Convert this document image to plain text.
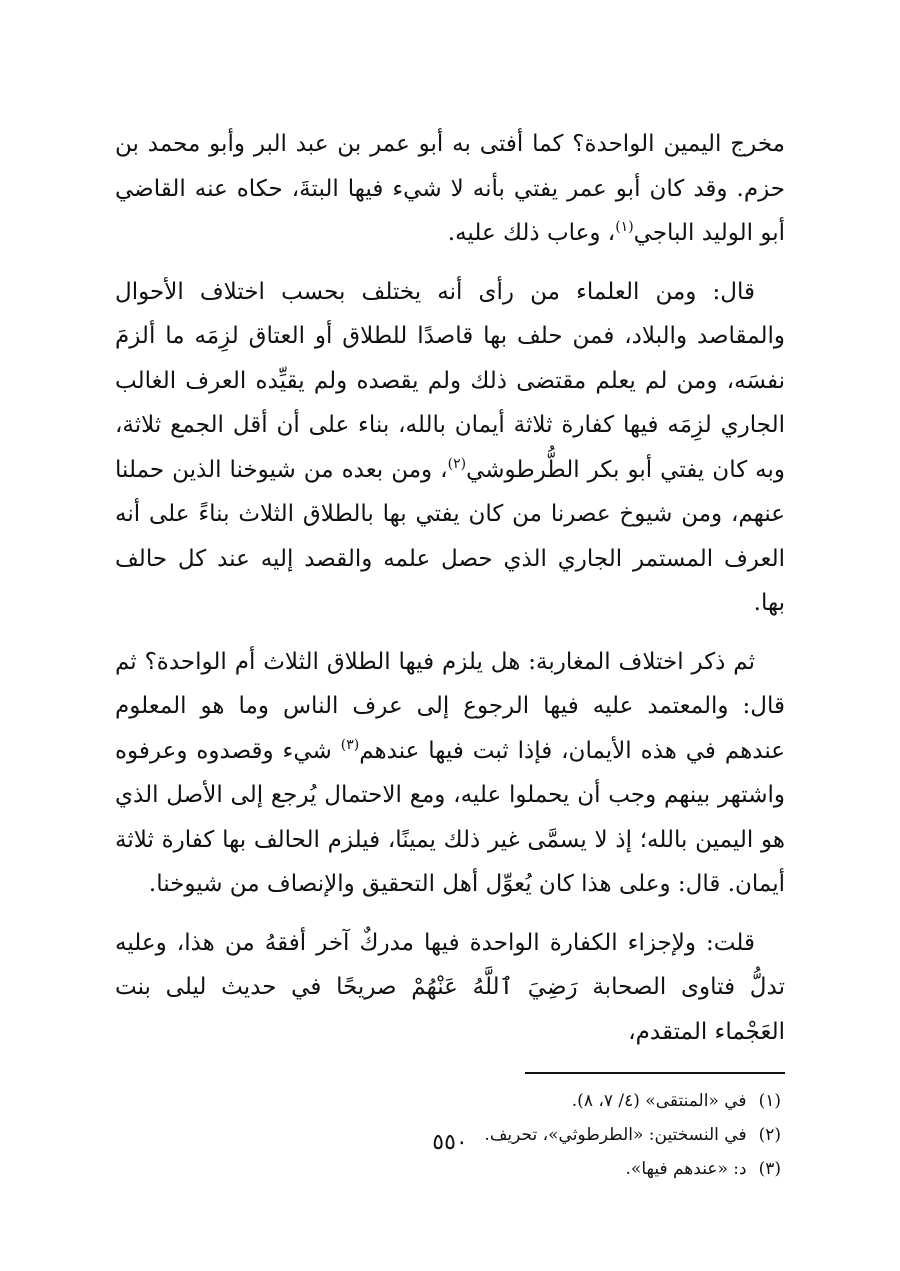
مخرج اليمين الواحدة؟ كما أفتى به أبو عمر بن عبد البر وأبو محمد بن حزم. وقد كان أبو عمر يفتي بأنه لا شيء فيها البتةَ، حكاه عنه القاضي أبو الوليد الباجي$^{(١)}$، وعاب ذلك عليه.

قال: ومن العلماء من رأى أنه يختلف بحسب اختلاف الأحوال والمقاصد والبلاد، فمن حلف بها قاصدًا للطلاق أو العتاق لزِمَه ما ألزمَ نفسَه، ومن لم يعلم مقتضى ذلك ولم يقصده ولم يقيِّده العرف الغالب الجاري لزِمَه فيها كفارة ثلاثة أيمان بالله، بناء على أن أقل الجمع ثلاثة، وبه كان يفتي أبو بكر الطُّرطوشي$^{(٢)}$، ومن بعده من شيوخنا الذين حملنا عنهم، ومن شيوخ عصرنا من كان يفتي بها بالطلاق الثلاث بناءً على أنه العرف المستمر الجاري الذي حصل علمه والقصد إليه عند كل حالف بها.

ثم ذكر اختلاف المغاربة: هل يلزم فيها الطلاق الثلاث أم الواحدة؟ ثم قال: والمعتمد عليه فيها الرجوع إلى عرف الناس وما هو المعلوم عندهم في هذه الأيمان، فإذا ثبت فيها عندهم$^{(٣)}$ شيء وقصدوه وعرفوه واشتهر بينهم وجب أن يحملوا عليه، ومع الاحتمال يُرجع إلى الأصل الذي هو اليمين بالله؛ إذ لا يسمَّى غير ذلك يمينًا، فيلزم الحالف بها كفارة ثلاثة أيمان. قال: وعلى هذا كان يُعوِّل أهل التحقيق والإنصاف من شيوخنا.

قلت: ولإجزاء الكفارة الواحدة فيها مدركٌ آخر أفقهُ من هذا، وعليه تدلُّ فتاوى الصحابة رَضِيَ ٱللَّهُ عَنْهُمْ صريحًا في حديث ليلى بنت العَجْماء المتقدم،

(١)في «المنتقى» (٤/ ٧، ٨).
(٢)في النسختين: «الطرطوثي»، تحريف.
(٣)د: «عندهم فيها».
٥٥٠
